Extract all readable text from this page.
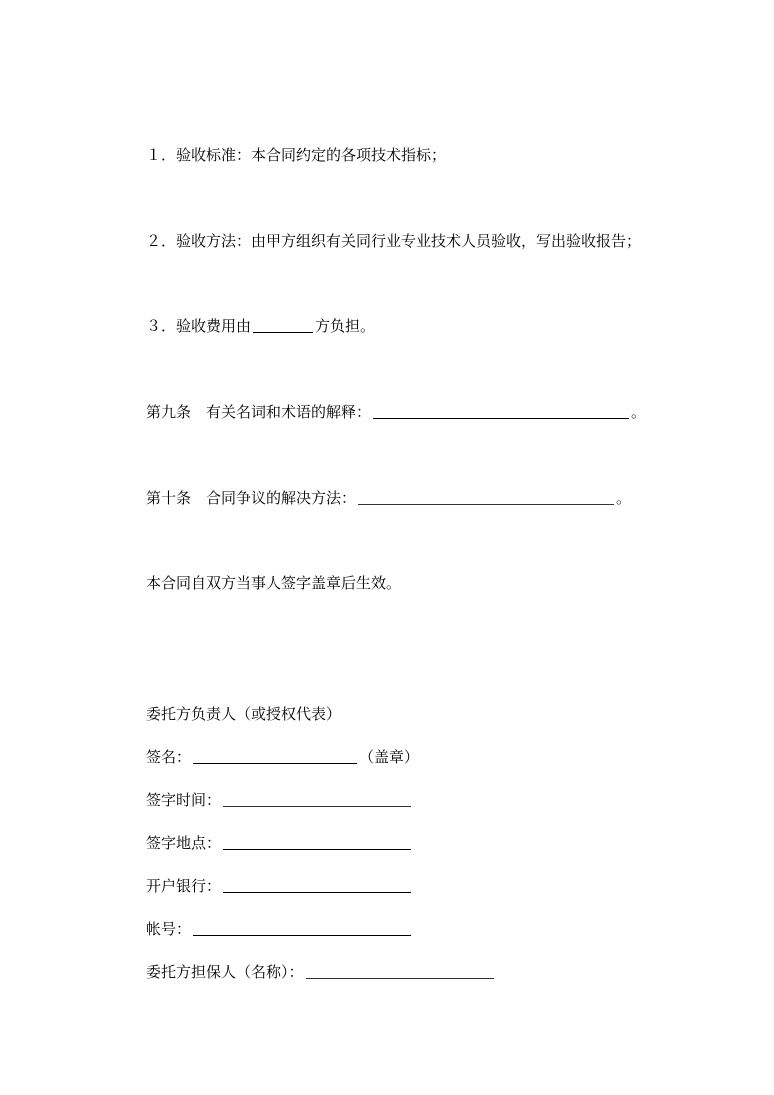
１．验收标准：本合同约定的各项技术指标；
２．验收方法：由甲方组织有关同行业专业技术人员验收，写出验收报告；
３．验收费用由	方负担。
第九条　有关名词和术语的解释：	。
第十条　合同争议的解决方法：	。
本合同自双方当事人签字盖章后生效。
委托方负责人（或授权代表）
签名：	（盖章）
签字时间：
签字地点：
开户银行：
帐号：
委托方担保人（名称）：
